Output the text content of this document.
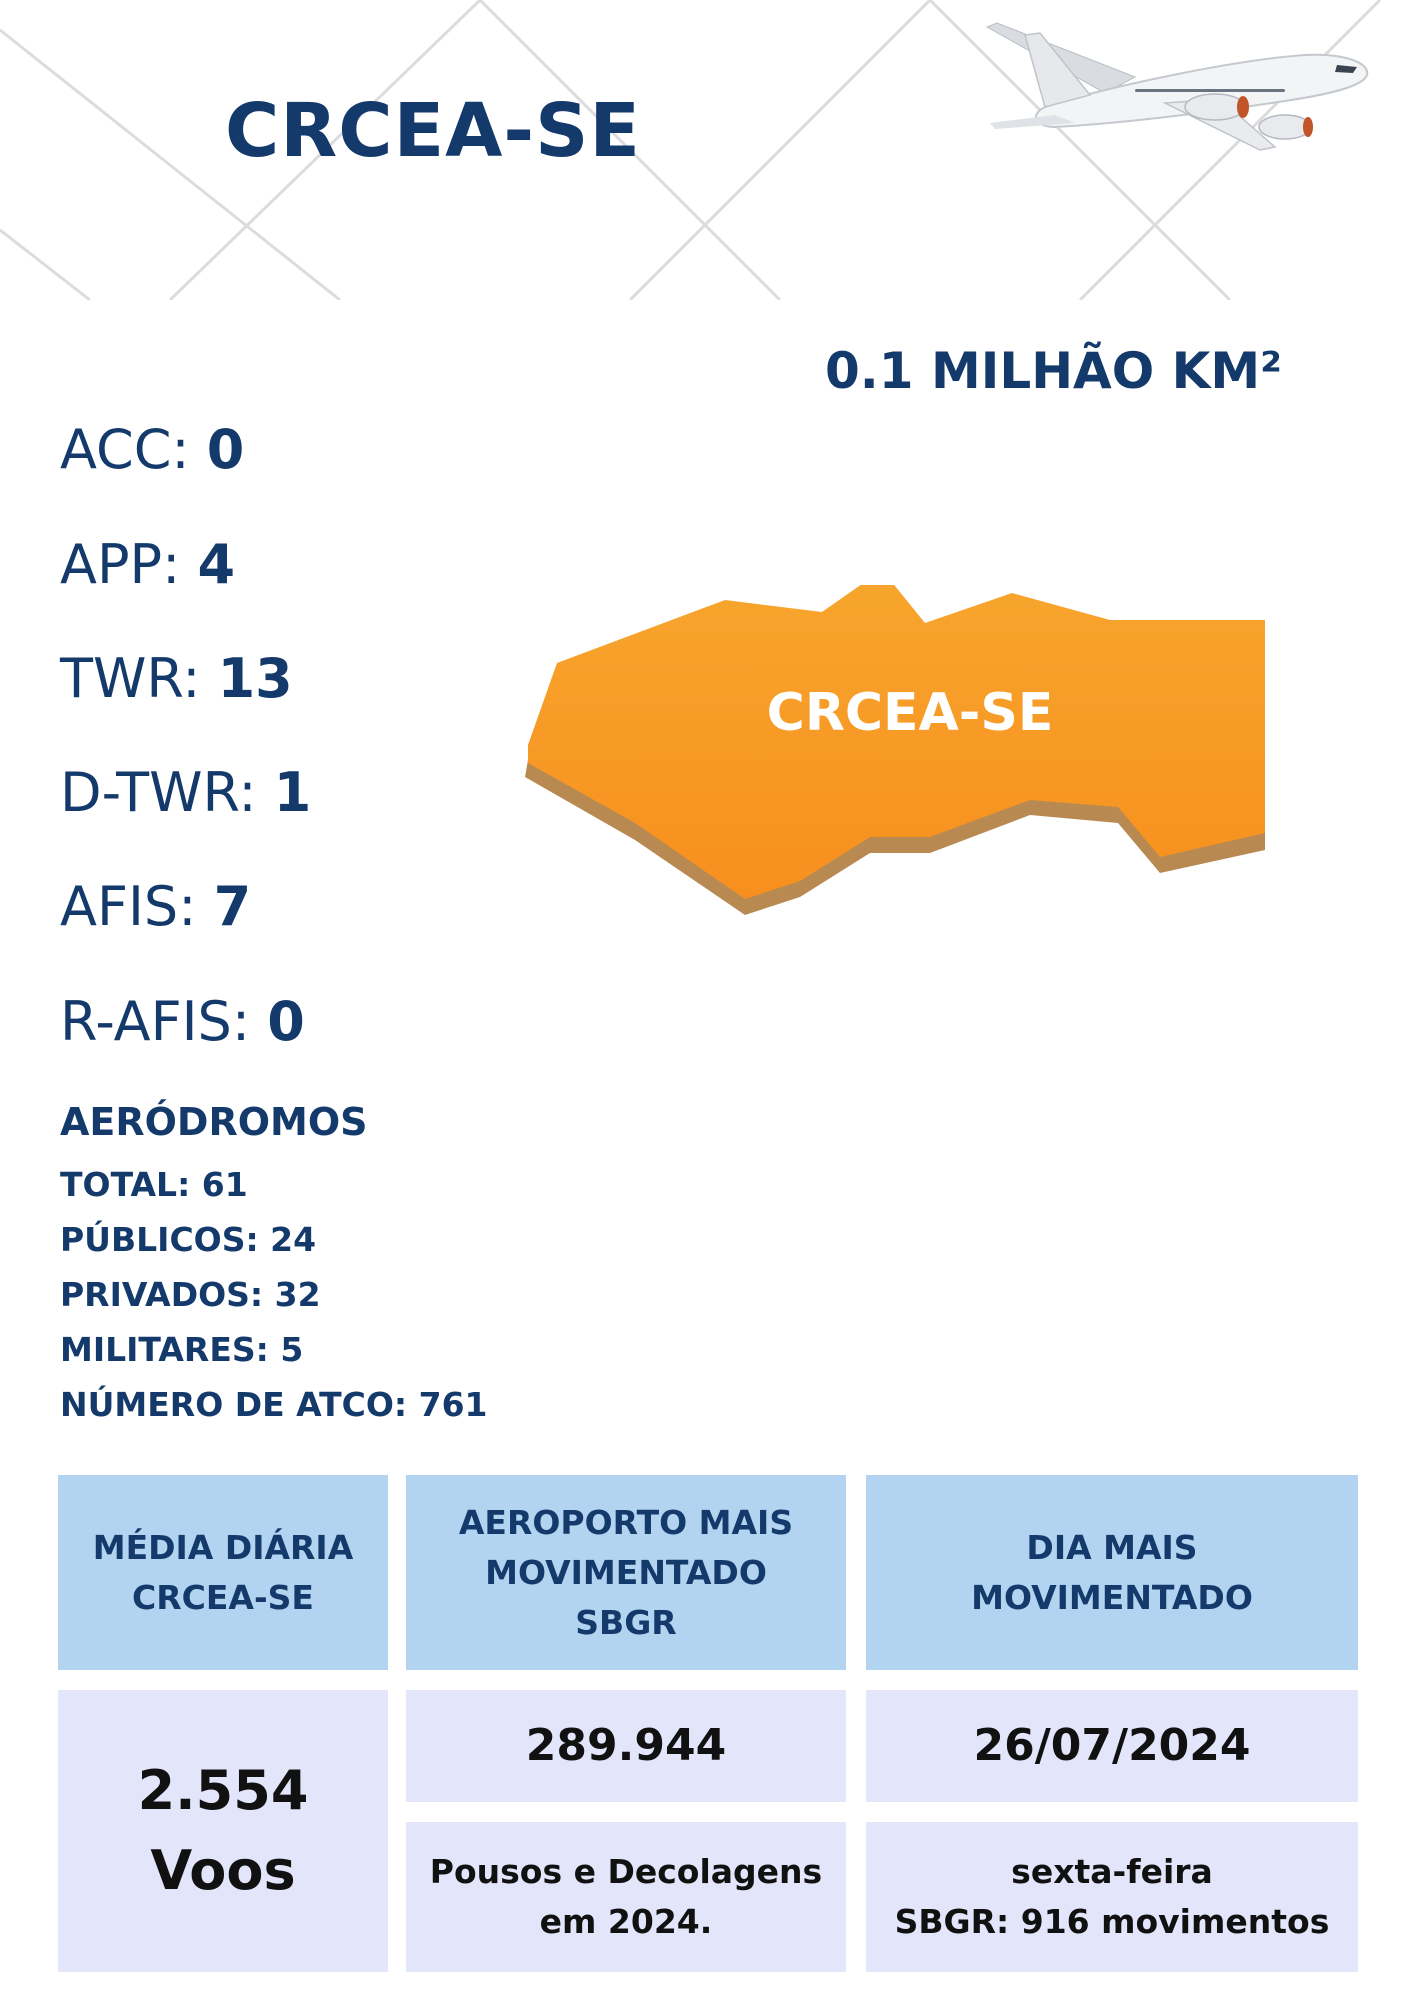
CRCEA-SE
0.1 MILHÃO KM²
ACC: 0
APP: 4
TWR: 13
D-TWR: 1
AFIS: 7
R-AFIS: 0
CRCEA-SE
AERÓDROMOS
TOTAL: 61
PÚBLICOS: 24
PRIVADOS: 32
MILITARES: 5
NÚMERO DE ATCO: 761
MÉDIA DIÁRIA
CRCEA-SE
AEROPORTO MAIS
MOVIMENTADO
SBGR
DIA MAIS
MOVIMENTADO
2.554
Voos
289.944	26/07/2024
Pousos e Decolagens
em 2024.
sexta-feira
SBGR: 916 movimentos
